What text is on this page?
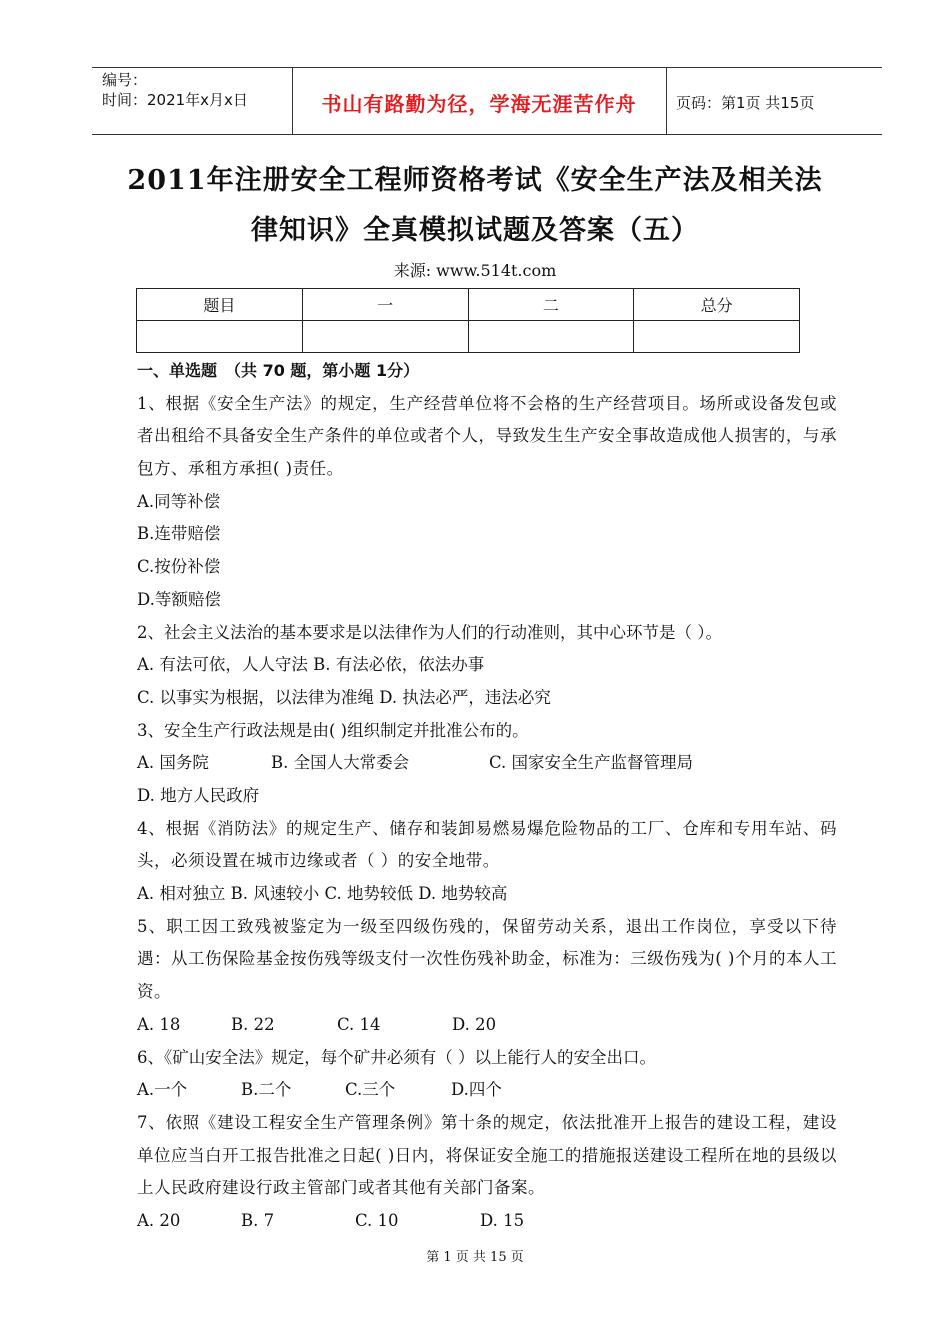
编号：
时间：2021年x月x日	书山有路勤为径，学海无涯苦作舟	页码：第1页 共15页
2011年注册安全工程师资格考试《安全生产法及相关法
律知识》全真模拟试题及答案（五）
来源: www.514t.com
题目	一	二	总分

一、单选题　（共 70 题，第小题 1分）
1、根据《安全生产法》的规定，生产经营单位将不会格的生产经营项目。场所或设备发包或者出租给不具备安全生产条件的单位或者个人，导致发生生产安全事故造成他人损害的，与承包方、承租方承担( )责任。
A.同等补偿
B.连带赔偿
C.按份补偿
D.等额赔偿
2、社会主义法治的基本要求是以法律作为人们的行动准则，其中心环节是（ ）。
A. 有法可依，人人守法 B. 有法必依，依法办事
C. 以事实为根据，以法律为准绳 D. 执法必严，违法必究
3、安全生产行政法规是由( )组织制定并批准公布的。
A. 国务院	B. 全国人大常委会	C. 国家安全生产监督管理局
D. 地方人民政府
4、根据《消防法》的规定生产、储存和装卸易燃易爆危险物品的工厂、仓库和专用车站、码头，必须设置在城市边缘或者（ ）的安全地带。
A. 相对独立 B. 风速较小 C. 地势较低 D. 地势较高
5、职工因工致残被鉴定为一级至四级伤残的，保留劳动关系，退出工作岗位，享受以下待遇：从工伤保险基金按伤残等级支付一次性伤残补助金，标准为：三级伤残为( )个月的本人工资。
A. 18	B. 22	C. 14	D. 20
6、《矿山安全法》规定，每个矿井必须有（ ）以上能行人的安全出口。
A.一个	B.二个	C.三个	D.四个
7、依照《建设工程安全生产管理条例》第十条的规定，依法批准开上报告的建设工程，建设单位应当白开工报告批准之日起( )日内，将保证安全施工的措施报送建设工程所在地的县级以上人民政府建设行政主管部门或者其他有关部门备案。
A. 20	B. 7	C. 10	D. 15
第 1 页 共 15 页
